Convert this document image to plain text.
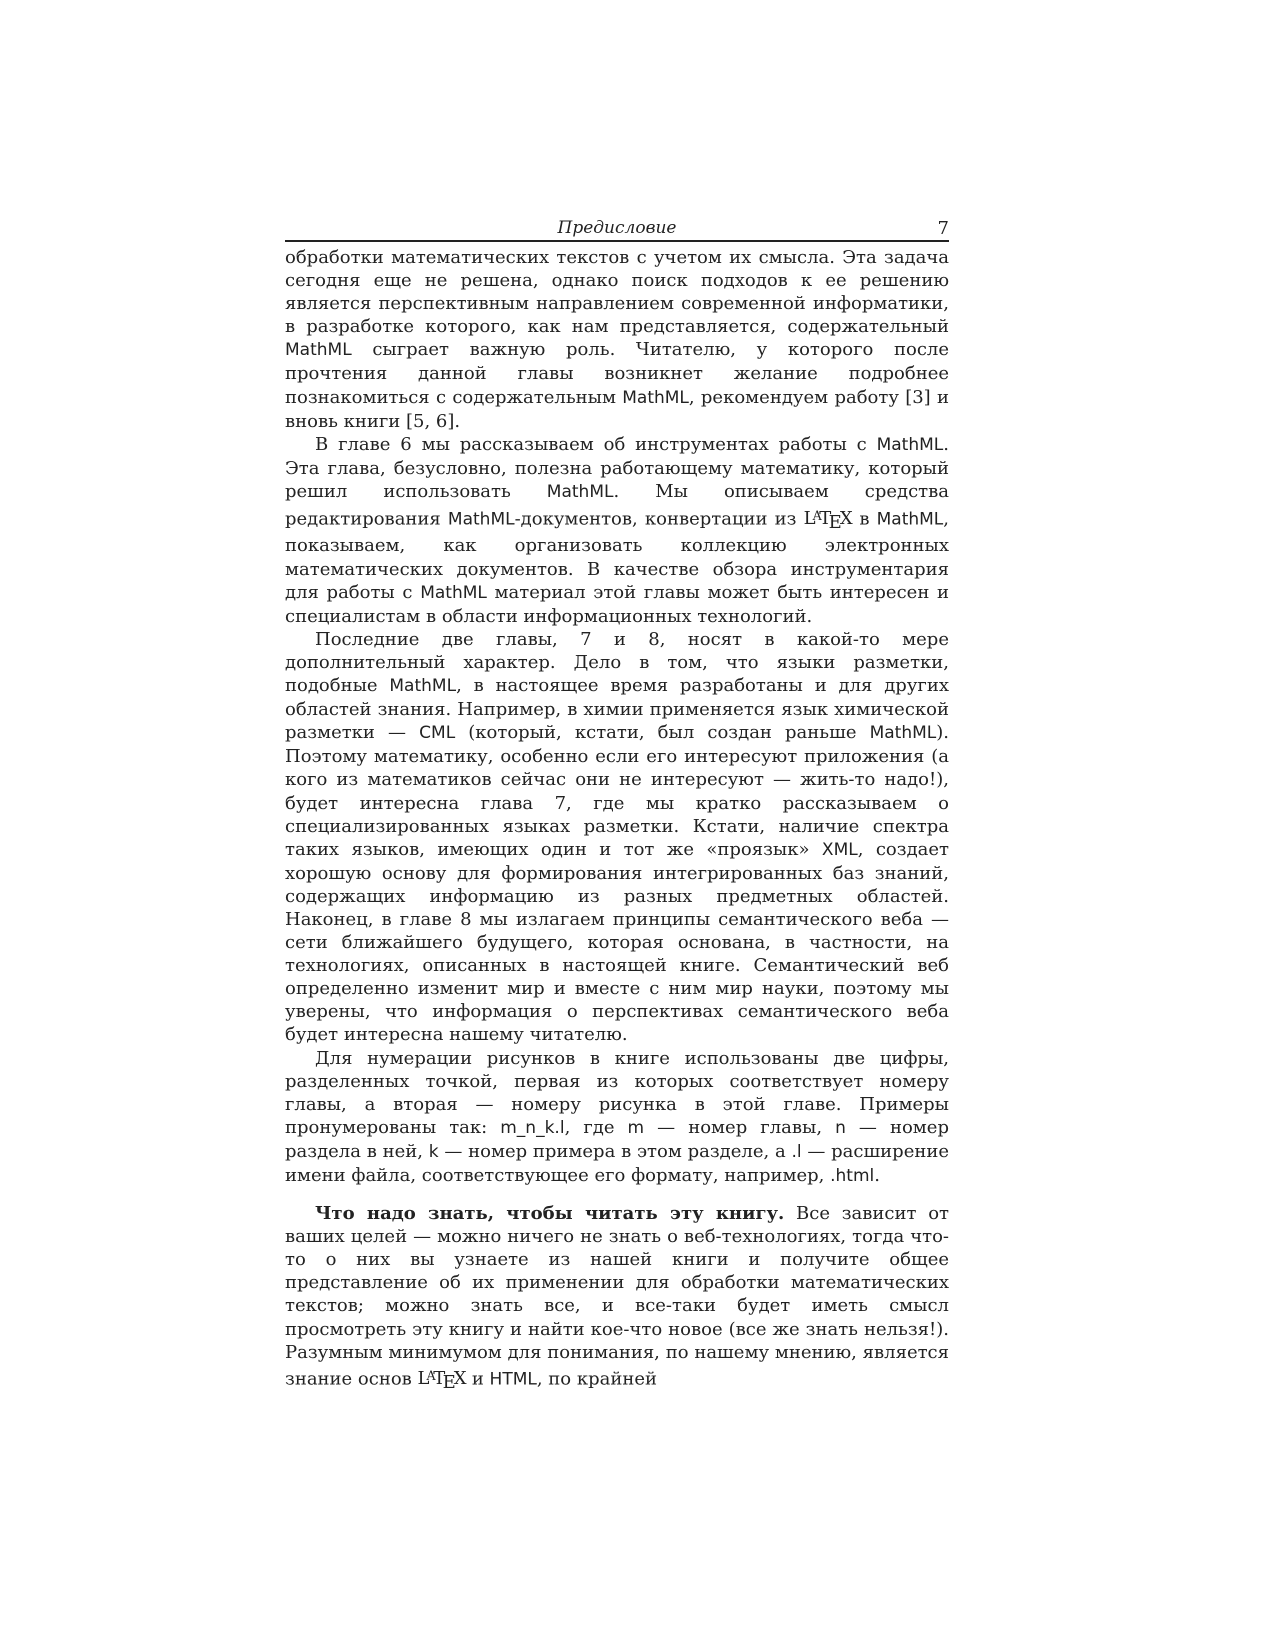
Предисловие	7

обработки математических текстов с учетом их смысла. Эта задача сегодня еще не решена, однако поиск подходов к ее решению является перспективным направлением современной информатики, в разработке которого, как нам представляется, содержательный MathML сыграет важную роль. Читателю, у которого после прочтения данной главы возникнет желание подробнее познакомиться с содержательным MathML, рекомендуем работу [3] и вновь книги [5, 6].

В главе 6 мы рассказываем об инструментах работы с MathML. Эта глава, безусловно, полезна работающему математику, который решил использовать MathML. Мы описываем средства редактирования MathML-документов, конвертации из $L^AT_EX$ в MathML, показываем, как организовать коллекцию электронных математических документов. В качестве обзора инструментария для работы с MathML материал этой главы может быть интересен и специалистам в области информационных технологий.

Последние две главы, 7 и 8, носят в какой-то мере дополнительный характер. Дело в том, что языки разметки, подобные MathML, в настоящее время разработаны и для других областей знания. Например, в химии применяется язык химической разметки — CML (который, кстати, был создан раньше MathML). Поэтому математику, особенно если его интересуют приложения (а кого из математиков сейчас они не интересуют — жить-то надо!), будет интересна глава 7, где мы кратко рассказываем о специализированных языках разметки. Кстати, наличие спектра таких языков, имеющих один и тот же «проязык» XML, создает хорошую основу для формирования интегрированных баз знаний, содержащих информацию из разных предметных областей. Наконец, в главе 8 мы излагаем принципы семантического веба — сети ближайшего будущего, которая основана, в частности, на технологиях, описанных в настоящей книге. Семантический веб определенно изменит мир и вместе с ним мир науки, поэтому мы уверены, что информация о перспективах семантического веба будет интересна нашему читателю.

Для нумерации рисунков в книге использованы две цифры, разделенных точкой, первая из которых соответствует номеру главы, а вторая — номеру рисунка в этой главе. Примеры пронумерованы так: m_n_k.l, где m — номер главы, n — номер раздела в ней, k — номер примера в этом разделе, а .l — расширение имени файла, соответствующее его формату, например, .html.

Что надо знать, чтобы читать эту книгу. Все зависит от ваших целей — можно ничего не знать о веб-технологиях, тогда что-то о них вы узнаете из нашей книги и получите общее представление об их применении для обработки математических текстов; можно знать все, и все-таки будет иметь смысл просмотреть эту книгу и найти кое-что новое (все же знать нельзя!). Разумным минимумом для понимания, по нашему мнению, является знание основ $L^AT_EX$ и HTML, по крайней
